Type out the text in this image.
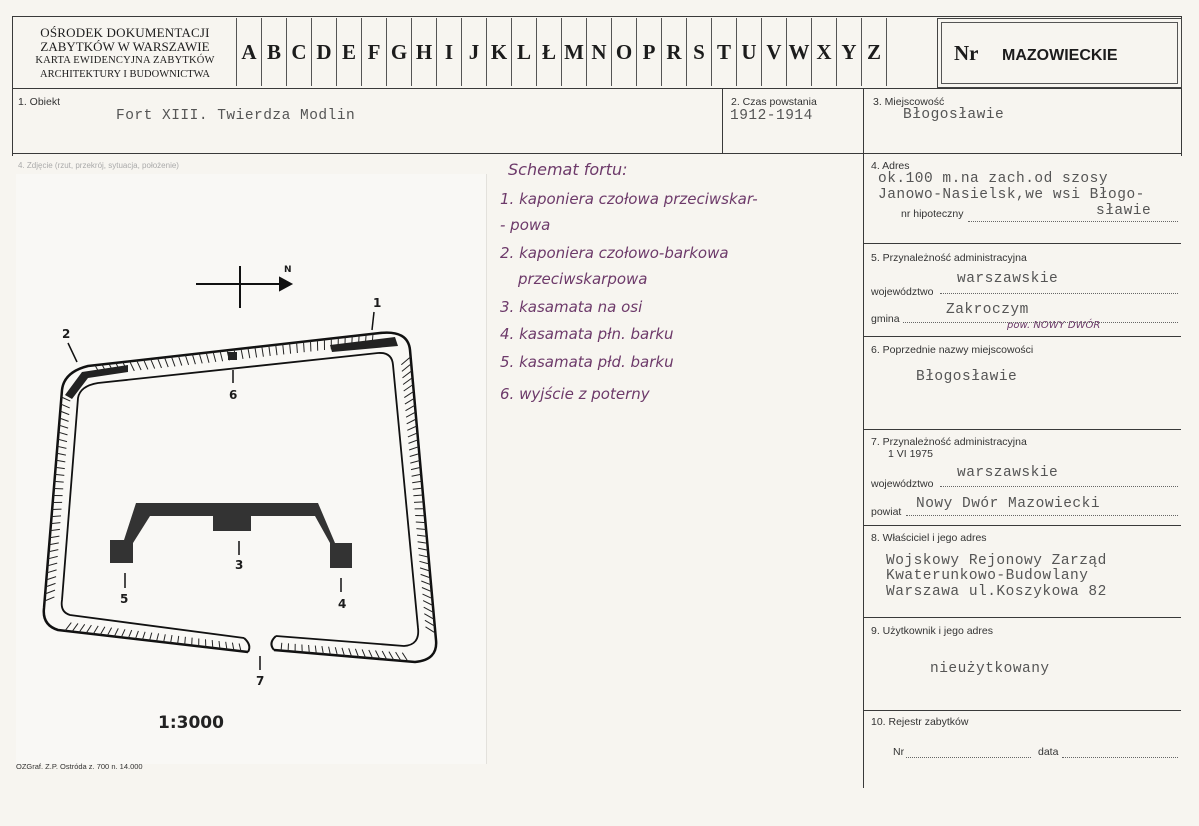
OŚRODEK DOKUMENTACJI
ZABYTKÓW W WARSZAWIE
KARTA EWIDENCYJNA ZABYTKÓW
ARCHITEKTURY I BUDOWNICTWA
A B C D E F G H I J K L Ł M N O P R S T U V W X Y Z	Nr MAZOWIECKIE
1. Obiekt
Fort XIII. Twierdza Modlin
2. Czas powstania
1912-1914
3. Miejscowość
Błogosławie
4. Zdjęcie (rzut, przekrój, sytuacja, położenie)
1
2
6
3
5	4
7
N
1:3000
Schemat fortu:
1. kaponiera czołowa przeciwskar-
- powa
2. kaponiera czołowo-barkowa
przeciwskarpowa
3. kasamata na osi
4. kasamata płn. barku
5. kasamata płd. barku
6. wyjście z poterny
4. Adres
ok.100 m.na zach.od szosy
Janowo-Nasielsk,we wsi Błogo-
nr hipoteczny	sławie
5. Przynależność administracyjna
województwo
warszawskie
gmina
Zakroczym
pow. NOWY DWÓR
6. Poprzednie nazwy miejscowości
Błogosławie
7. Przynależność administracyjna
1 VI 1975
województwo
warszawskie
powiat Nowy Dwór Mazowiecki
8. Właściciel i jego adres
Wojskowy Rejonowy Zarząd
Kwaterunkowo-Budowlany
Warszawa ul.Koszykowa 82
9. Użytkownik i jego adres
nieużytkowany
10. Rejestr zabytków
Nr	data
OZGraf. Z.P. Ostróda z. 700 n. 14.000
